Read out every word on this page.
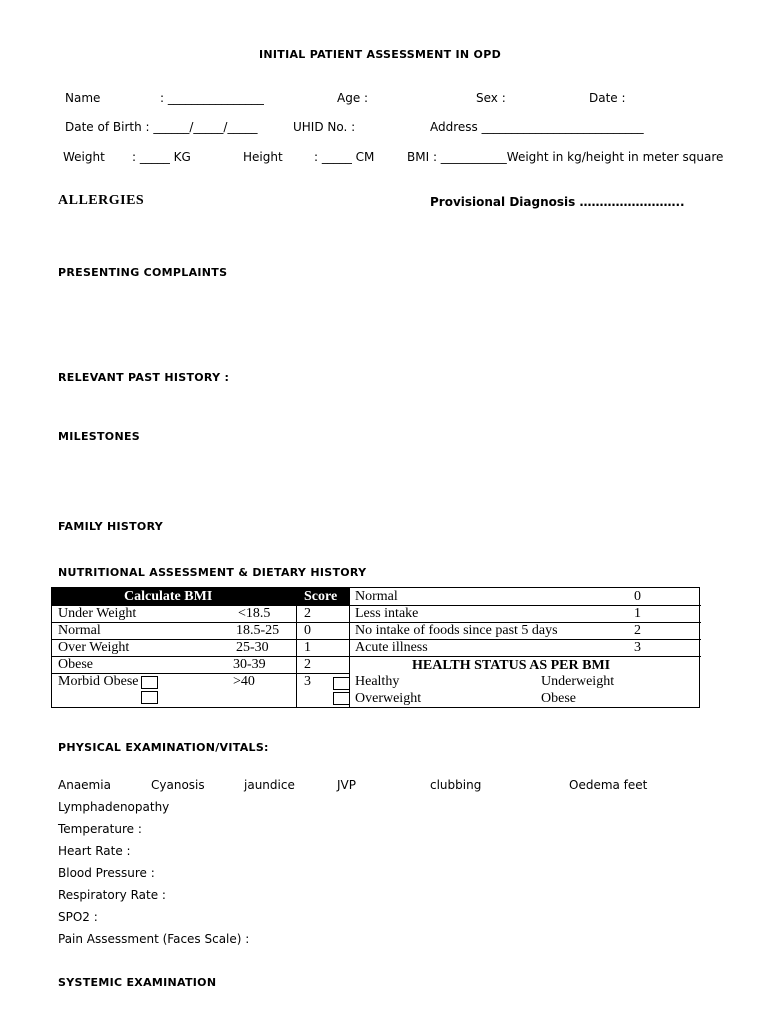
INITIAL PATIENT ASSESSMENT IN OPD
Name	: ________________	Age :	Sex :	Date :
Date of Birth : ______/_____/_____	UHID No. :	Address ___________________________
Weight : _____ KG	Height	: _____ CM	BMI : ___________Weight in kg/height in meter square
ALLERGIES	Provisional Diagnosis ……………………..
PRESENTING COMPLAINTS
RELEVANT PAST HISTORY :
MILESTONES
FAMILY HISTORY
NUTRITIONAL ASSESSMENT & DIETARY HISTORY
Calculate BMI	Score
Under Weight	<18.5 2
Normal	18.5-25 0
Over Weight	25-30	1
Obese	30-39	2
Morbid Obese	>40	3
Normal	0
Less intake	1
No intake of foods since past 5 days	2
Acute illness	3
HEALTH STATUS AS PER BMI
Healthy	Underweight
Overweight	Obese
PHYSICAL EXAMINATION/VITALS:
Anaemia	Cyanosis	jaundice	JVP	clubbing	Oedema feet
Lymphadenopathy
Temperature :
Heart Rate :
Blood Pressure :
Respiratory Rate :
SPO2 :
Pain Assessment (Faces Scale) :
SYSTEMIC EXAMINATION
